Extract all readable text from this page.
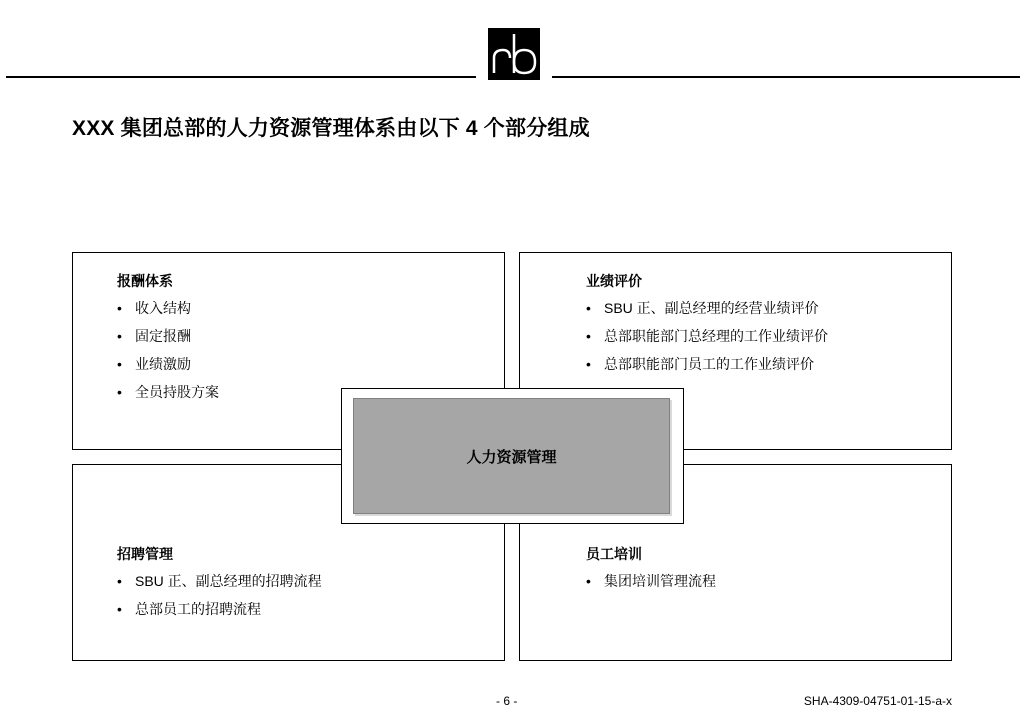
XXX 集团总部的人力资源管理体系由以下 4 个部分组成
报酬体系
• 收入结构
• 固定报酬
• 业绩激励
• 全员持股方案
业绩评价
• SBU 正、副总经理的经营业绩评价
• 总部职能部门总经理的工作业绩评价
• 总部职能部门员工的工作业绩评价
招聘管理
• SBU 正、副总经理的招聘流程
• 总部员工的招聘流程
员工培训
• 集团培训管理流程
人力资源管理
- 6 -	SHA-4309-04751-01-15-a-x
